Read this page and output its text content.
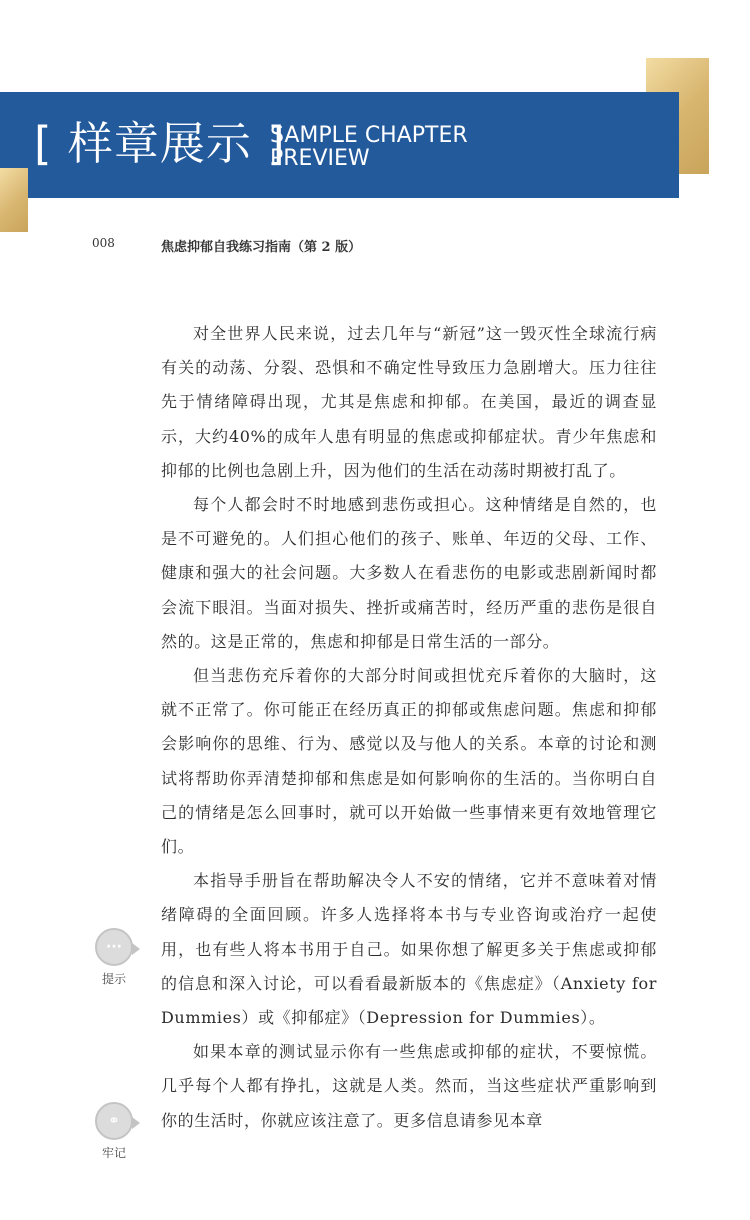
[ 样章展示 ]
SAMPLE CHAPTER
PREVIEW
008	焦虑抑郁自我练习指南（第 2 版）

对全世界人民来说，过去几年与“新冠”这一毁灭性全球流行病有关的动荡、分裂、恐惧和不确定性导致压力急剧增大。压力往往先于情绪障碍出现，尤其是焦虑和抑郁。在美国，最近的调查显示，大约40%的成年人患有明显的焦虑或抑郁症状。青少年焦虑和抑郁的比例也急剧上升，因为他们的生活在动荡时期被打乱了。

每个人都会时不时地感到悲伤或担心。这种情绪是自然的，也是不可避免的。人们担心他们的孩子、账单、年迈的父母、工作、健康和强大的社会问题。大多数人在看悲伤的电影或悲剧新闻时都会流下眼泪。当面对损失、挫折或痛苦时，经历严重的悲伤是很自然的。这是正常的，焦虑和抑郁是日常生活的一部分。

但当悲伤充斥着你的大部分时间或担忧充斥着你的大脑时，这就不正常了。你可能正在经历真正的抑郁或焦虑问题。焦虑和抑郁会影响你的思维、行为、感觉以及与他人的关系。本章的讨论和测试将帮助你弄清楚抑郁和焦虑是如何影响你的生活的。当你明白自己的情绪是怎么回事时，就可以开始做一些事情来更有效地管理它们。

本指导手册旨在帮助解决令人不安的情绪，它并不意味着对情绪障碍的全面回顾。许多人选择将本书与专业咨询或治疗一起使用，也有些人将本书用于自己。如果你想了解更多关于焦虑或抑郁的信息和深入讨论，可以看看最新版本的《焦虑症》（Anxiety for Dummies）或《抑郁症》（Depression for Dummies）。

如果本章的测试显示你有一些焦虑或抑郁的症状，不要惊慌。几乎每个人都有挣扎，这就是人类。然而，当这些症状严重影响到你的生活时，你就应该注意了。更多信息请参见本章

···
提示
⚭
牢记
